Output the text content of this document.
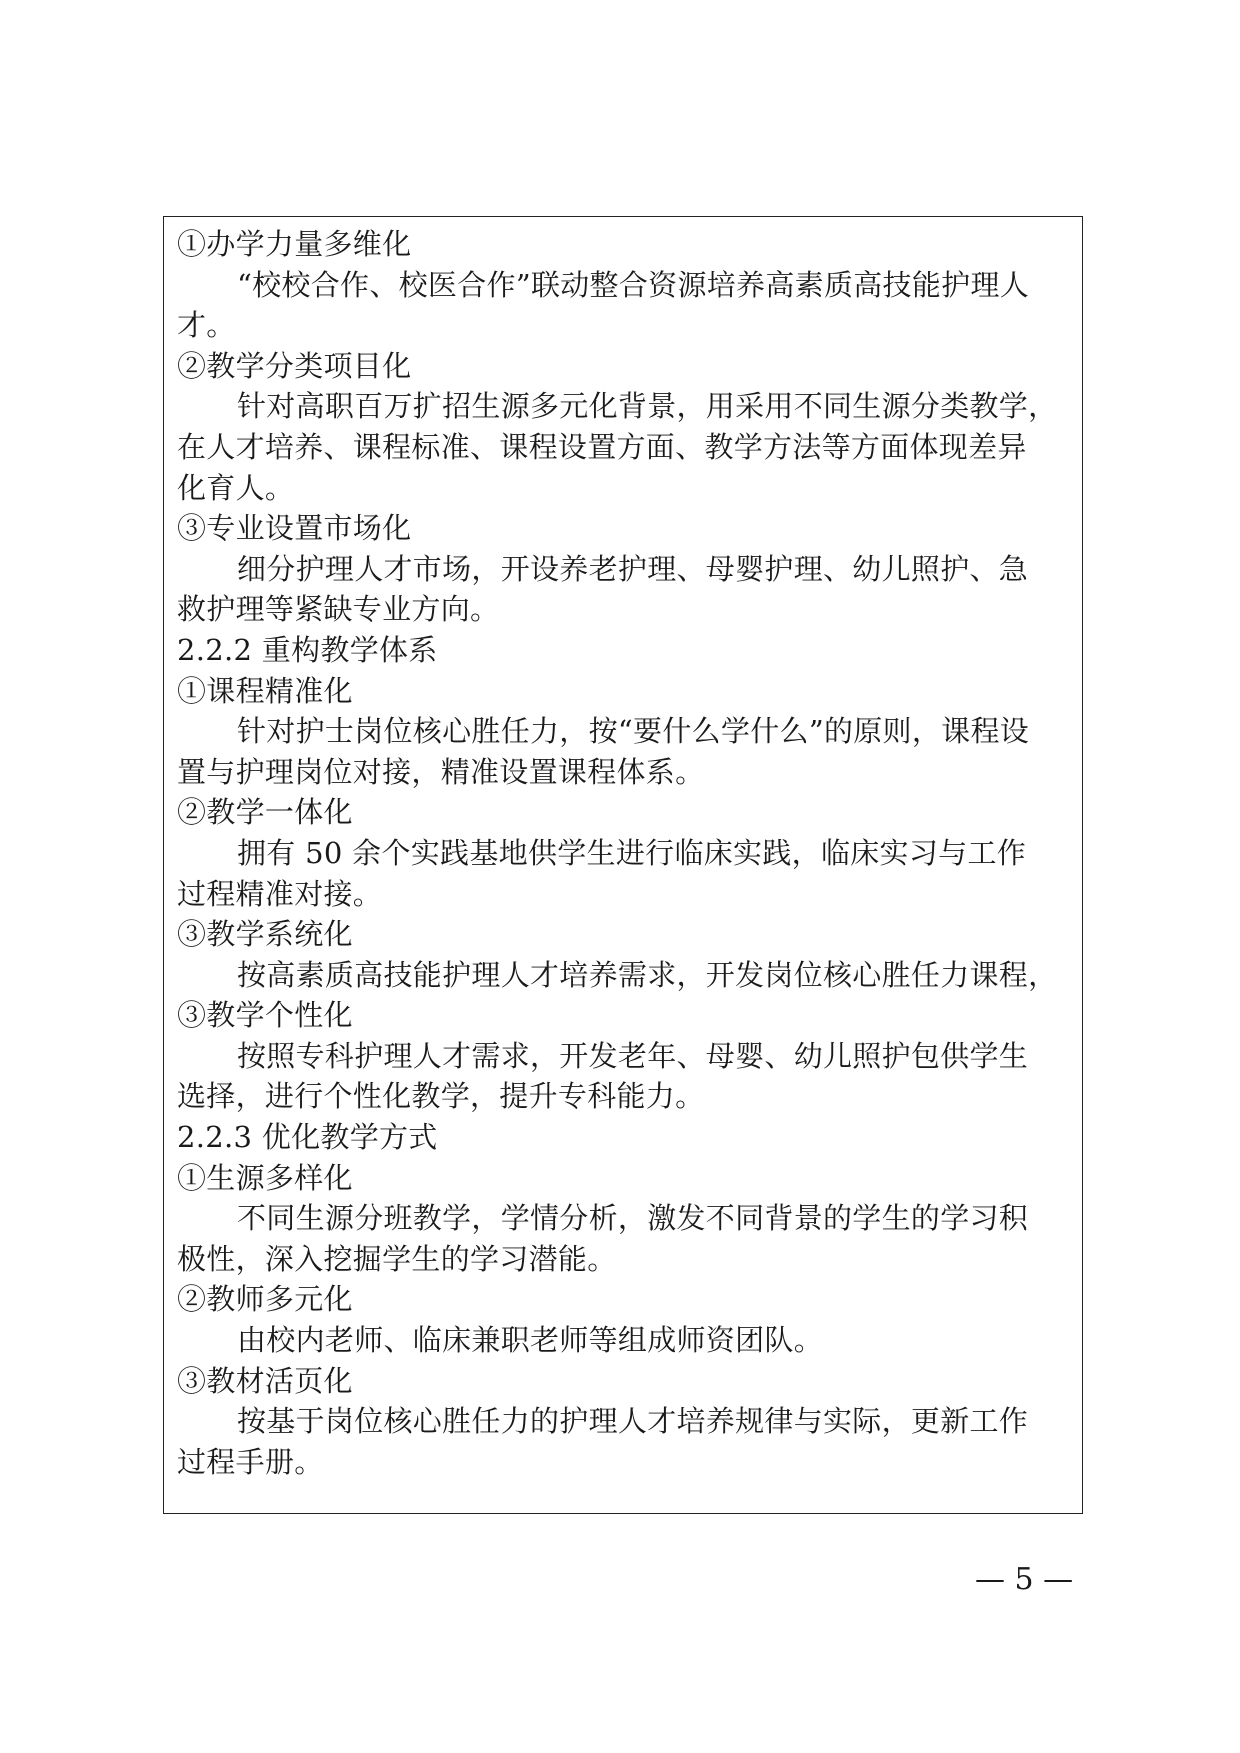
①办学力量多维化
“校校合作、校医合作”联动整合资源培养高素质高技能护理人
才。
②教学分类项目化
针对高职百万扩招生源多元化背景，用采用不同生源分类教学，
在人才培养、课程标准、课程设置方面、教学方法等方面体现差异
化育人。
③专业设置市场化
细分护理人才市场，开设养老护理、母婴护理、幼儿照护、急
救护理等紧缺专业方向。
2.2.2 重构教学体系
①课程精准化
针对护士岗位核心胜任力，按“要什么学什么”的原则，课程设
置与护理岗位对接，精准设置课程体系。
②教学一体化
拥有 50 余个实践基地供学生进行临床实践，临床实习与工作
过程精准对接。
③教学系统化
按高素质高技能护理人才培养需求，开发岗位核心胜任力课程，
③教学个性化
按照专科护理人才需求，开发老年、母婴、幼儿照护包供学生
选择，进行个性化教学，提升专科能力。
2.2.3 优化教学方式
①生源多样化
不同生源分班教学，学情分析，激发不同背景的学生的学习积
极性，深入挖掘学生的学习潜能。
②教师多元化
由校内老师、临床兼职老师等组成师资团队。
③教材活页化
按基于岗位核心胜任力的护理人才培养规律与实际，更新工作
过程手册。
— 5 —
